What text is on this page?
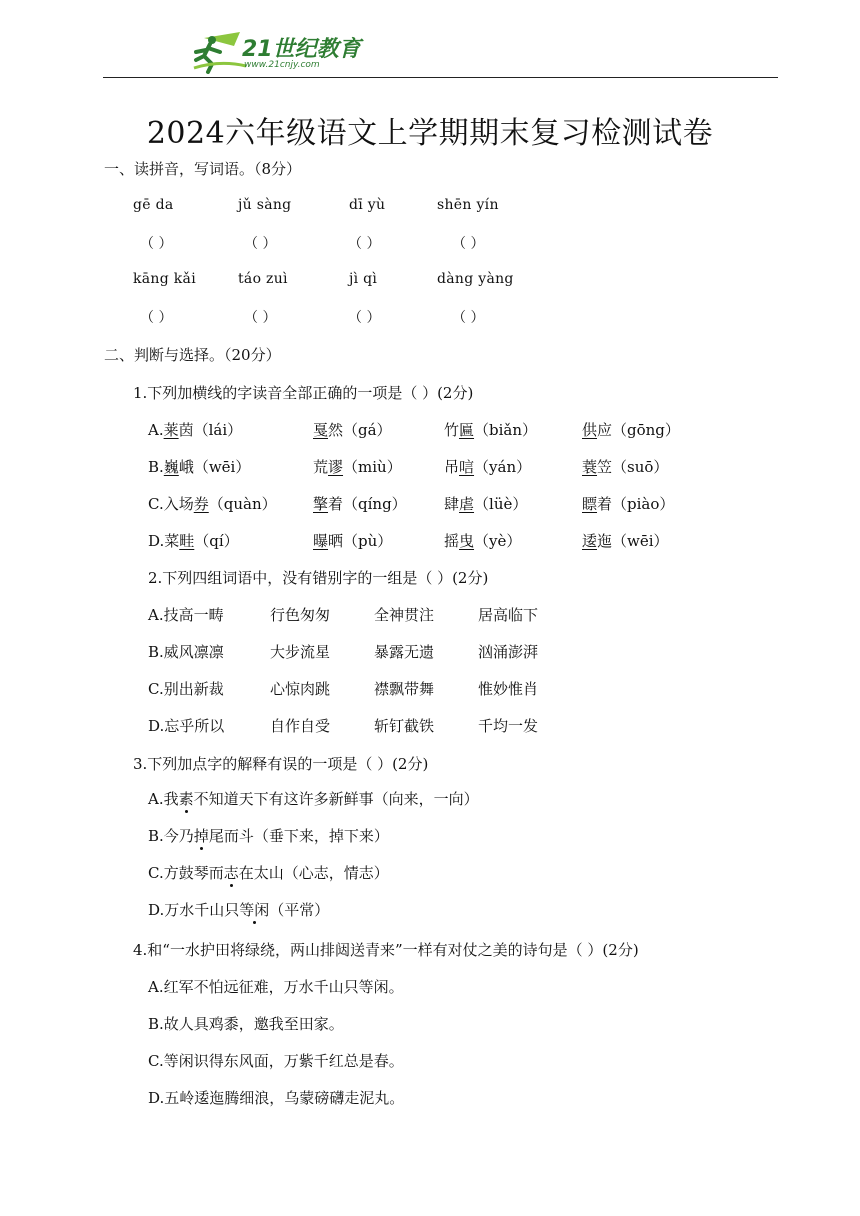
21世纪教育
www.21cnjy.com
2024六年级语文上学期期末复习检测试卷
一、读拼音，写词语。（8分）
gē da	jǔ sàng	dī yù	shēn yín
（ ）	（ ）	（ ）	（ ）
kāng kǎi	táo zuì	jì qì	dàng yàng
（ ）	（ ）	（ ）	（ ）
二、判断与选择。（20分）
1.下列加横线的字读音全部正确的一项是（ ）(2分)
A.莱茵（lái）	戛然（gá）	竹匾（biǎn）	供应（gōng）
B.巍峨（wēi）	荒谬（miù）	吊唁（yán）	蓑笠（suō）
C.入场券（quàn） 擎着（qíng） 肆虐（lüè）	瞟着（piào）
D.菜畦（qí）	曝晒（pù）	摇曳（yè）	逶迤（wēi）
2.下列四组词语中，没有错别字的一组是（ ）(2分)
A.技高一畴	行色匆匆	全神贯注	居高临下
B.威风凛凛	大步流星	暴露无遗	汹涌澎湃
C.别出新裁	心惊肉跳	襟飘带舞	惟妙惟肖
D.忘乎所以	自作自受	斩钉截铁	千均一发
3.下列加点字的解释有误的一项是（ ）(2分)
A.我素不知道天下有这许多新鲜事（向来，一向）
B.今乃掉尾而斗（垂下来，掉下来）
C.方鼓琴而志在太山（心志，情志）
D.万水千山只等闲（平常）
4.和“一水护田将绿绕，两山排闼送青来”一样有对仗之美的诗句是（ ）(2分)
A.红军不怕远征难，万水千山只等闲。
B.故人具鸡黍，邀我至田家。
C.等闲识得东风面，万紫千红总是春。
D.五岭逶迤腾细浪，乌蒙磅礴走泥丸。
